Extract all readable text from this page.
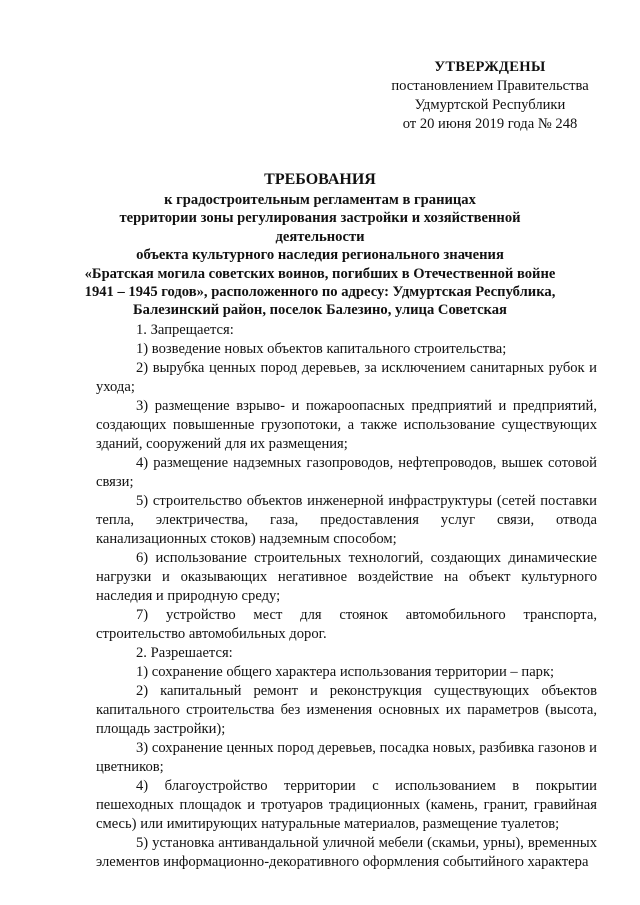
УТВЕРЖДЕНЫ
постановлением Правительства
Удмуртской Республики
от 20 июня 2019 года № 248
ТРЕБОВАНИЯ
к градостроительным регламентам в границах
территории зоны регулирования застройки и хозяйственной деятельности
объекта культурного наследия регионального значения
«Братская могила советских воинов, погибших в Отечественной войне
1941 – 1945 годов», расположенного по адресу: Удмуртская Республика,
Балезинский район, поселок Балезино, улица Советская

1. Запрещается:

1) возведение новых объектов капитального строительства;

2) вырубка ценных пород деревьев, за исключением санитарных рубок и ухода;

3) размещение взрыво- и пожароопасных предприятий и предприятий, создающих повышенные грузопотоки, а также использование существующих зданий, сооружений для их размещения;

4) размещение надземных газопроводов, нефтепроводов, вышек сотовой связи;

5) строительство объектов инженерной инфраструктуры (сетей поставки тепла, электричества, газа, предоставления услуг связи, отвода канализационных стоков) надземным способом;

6) использование строительных технологий, создающих динамические нагрузки и оказывающих негативное воздействие на объект культурного наследия и природную среду;

7) устройство мест для стоянок автомобильного транспорта, строительство автомобильных дорог.

2. Разрешается:

1) сохранение общего характера использования территории – парк;

2) капитальный ремонт и реконструкция существующих объектов капитального строительства без изменения основных их параметров (высота, площадь застройки);

3) сохранение ценных пород деревьев, посадка новых, разбивка газонов и цветников;

4) благоустройство территории с использованием в покрытии пешеходных площадок и тротуаров традиционных (камень, гранит, гравийная смесь) или имитирующих натуральные материалов, размещение туалетов;

5) установка антивандальной уличной мебели (скамьи, урны), временных элементов информационно-декоративного оформления событийного характера
